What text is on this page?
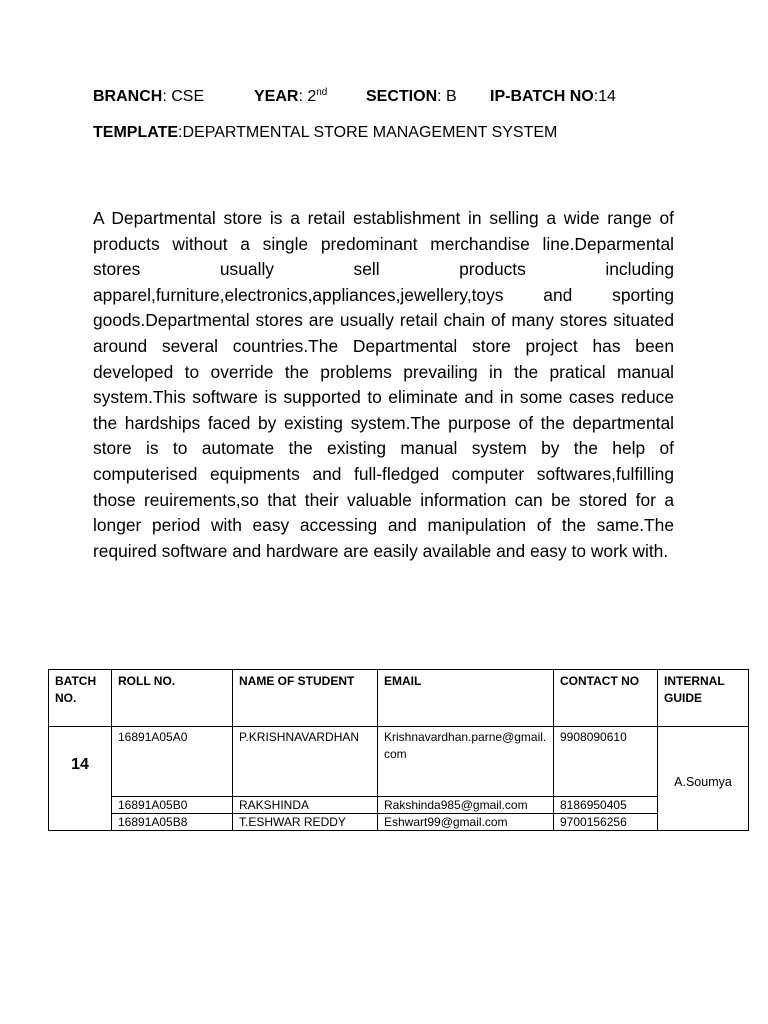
BRANCH: CSE	YEAR: 2nd SECTION: B IP-BATCH NO:14
TEMPLATE:DEPARTMENTAL STORE MANAGEMENT SYSTEM

A Departmental store is a retail establishment in selling a wide range of products without a single predominant merchandise line.Deparmental stores usually sell products including apparel,furniture,electronics,appliances,jewellery,toys and sporting goods.Departmental stores are usually retail chain of many stores situated around several countries.The Departmental store project has been developed to override the problems prevailing in the pratical manual system.This software is supported to eliminate and in some cases reduce the hardships faced by existing system.The purpose of the departmental store is to automate the existing manual system by the help of computerised equipments and full-fledged computer softwares,fulfilling those reuirements,so that their valuable information can be stored for a longer period with easy accessing and manipulation of the same.The required software and hardware are easily available and easy to work with.

BATCH NO.	ROLL NO.	NAME OF STUDENT	EMAIL	CONTACT NO	INTERNAL GUIDE
14	16891A05A0	P.KRISHNAVARDHAN	Krishnavardhan.parne@gmail.com	9908090610	A.Soumya
	16891A05B0	RAKSHINDA	Rakshinda985@gmail.com	8186950405	
	16891A05B8	T.ESHWAR REDDY	Eshwart99@gmail.com	9700156256	
